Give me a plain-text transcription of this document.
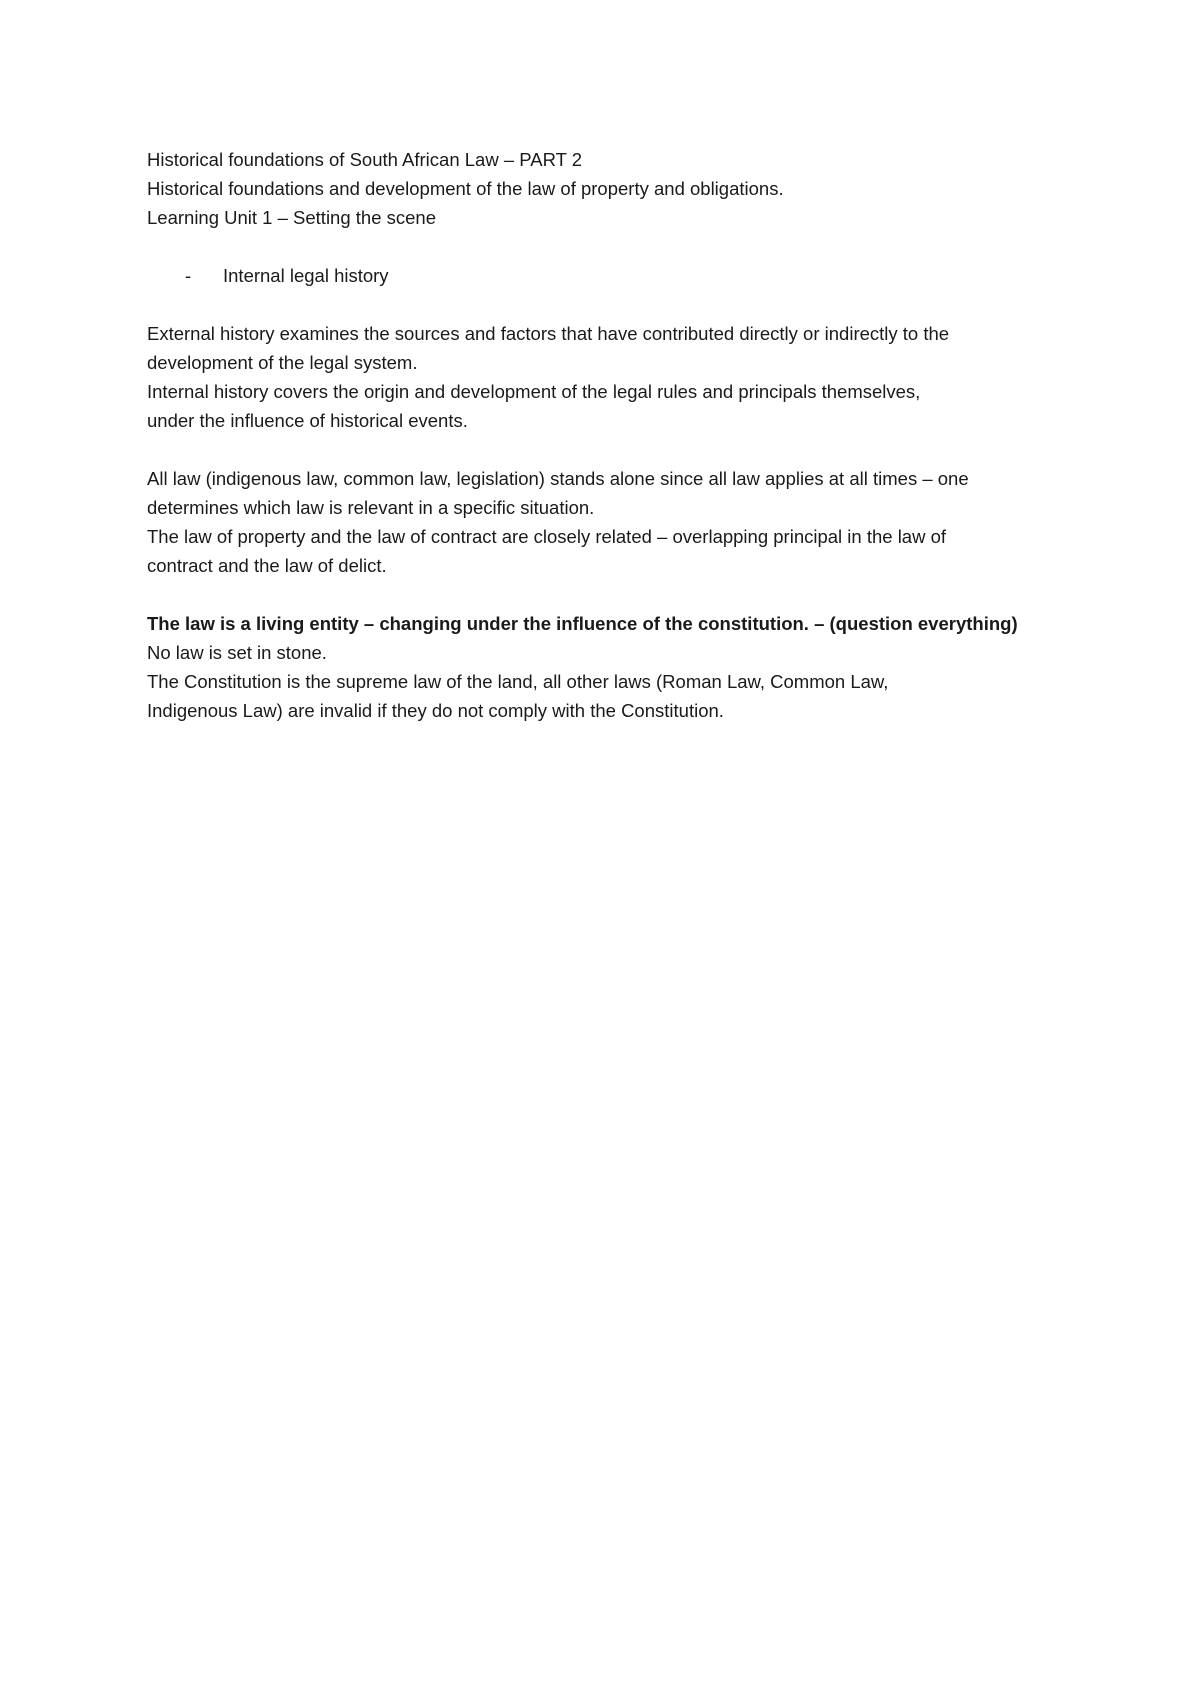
Historical foundations of South African Law – PART 2

Historical foundations and development of the law of property and obligations.

Learning Unit 1 – Setting the scene

-	Internal legal history

External history examines the sources and factors that have contributed directly or indirectly to the

development of the legal system.

Internal history covers the origin and development of the legal rules and principals themselves,

under the influence of historical events.

All law (indigenous law, common law, legislation) stands alone since all law applies at all times – one

determines which law is relevant in a specific situation.

The law of property and the law of contract are closely related – overlapping principal in the law of

contract and the law of delict.

The law is a living entity – changing under the influence of the constitution. – (question everything)

No law is set in stone.

The Constitution is the supreme law of the land, all other laws (Roman Law, Common Law,

Indigenous Law) are invalid if they do not comply with the Constitution.
